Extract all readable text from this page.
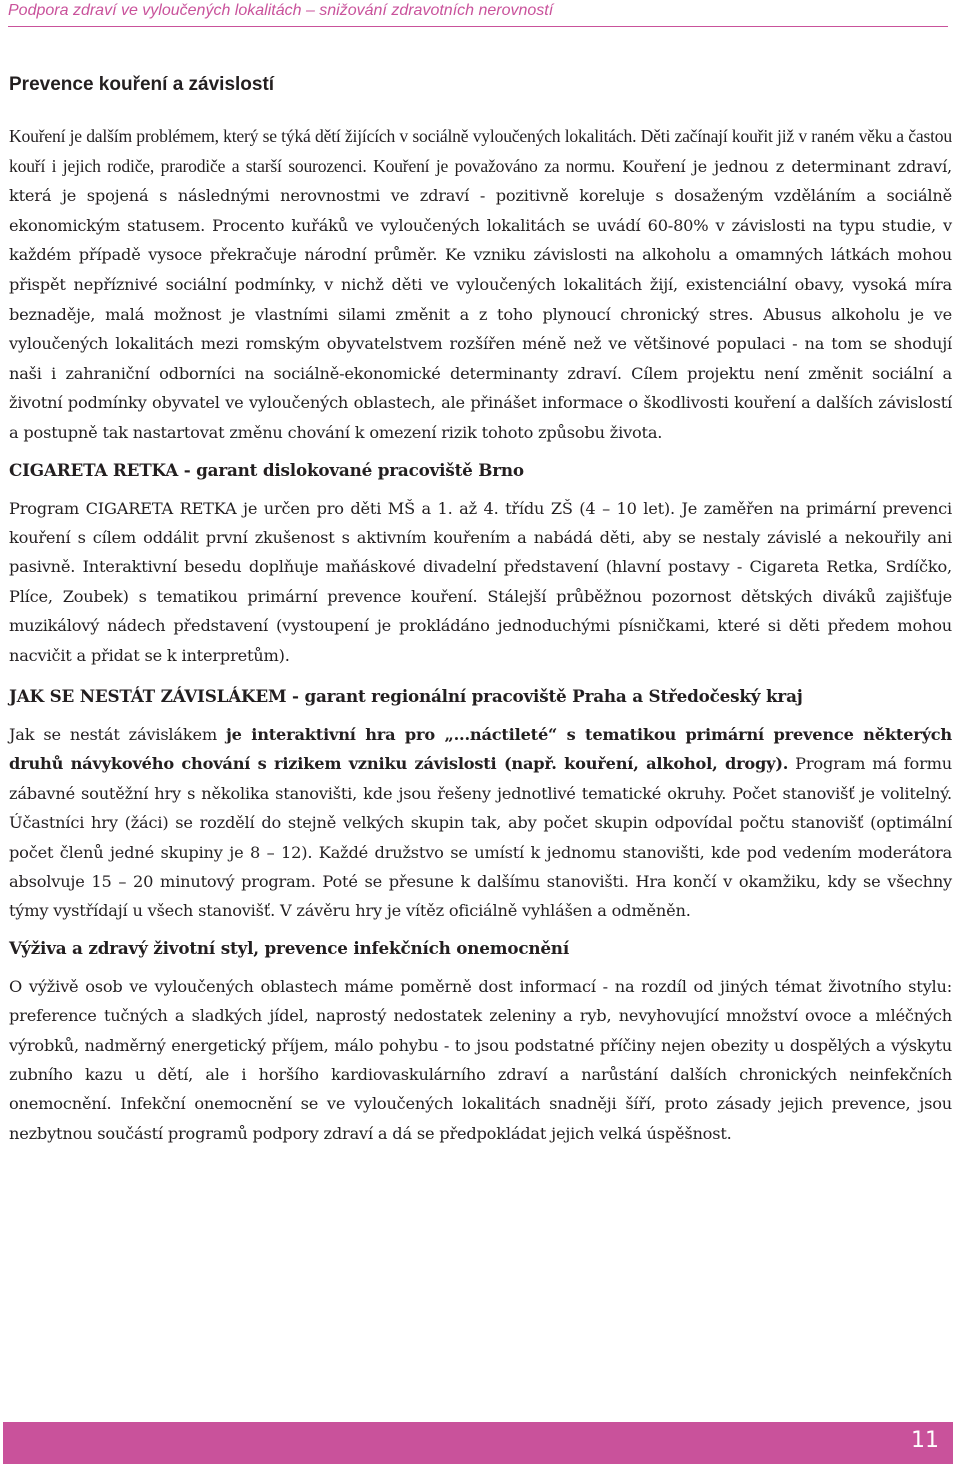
Podpora zdraví ve vyloučených lokalitách – snižování zdravotních nerovností
Prevence kouření a závislostí

Kouření je dalším problémem, který se týká dětí žijících v sociálně vyloučených lokalitách. Děti začínají kouřit již v raném věku a častou kouří i jejich rodiče, prarodiče a starší sourozenci. Kouření je považováno za normu. Kouření je jednou z determinant zdraví, která je spojená s následnými nerovnostmi ve zdraví - pozitivně koreluje s dosaženým vzděláním a sociálně ekonomickým statusem. Procento kuřáků ve vyloučených lokalitách se uvádí 60-80% v závislosti na typu studie, v každém případě vysoce překračuje národní průměr. Ke vzniku závislosti na alkoholu a omamných látkách mohou přispět nepříznivé sociální podmínky, v nichž děti ve vyloučených lokalitách žijí, existenciální obavy, vysoká míra beznaděje, malá možnost je vlastními silami změnit a z toho plynoucí chronický stres. Abusus alkoholu je ve vyloučených lokalitách mezi romským obyvatelstvem rozšířen méně než ve většinové populaci - na tom se shodují naši i zahraniční odborníci na sociálně-ekonomické determinanty zdraví. Cílem projektu není změnit sociální a životní podmínky obyvatel ve vyloučených oblastech, ale přinášet informace o škodlivosti kouření a dalších závislostí a postupně tak nastartovat změnu chování k omezení rizik tohoto způsobu života.

CIGARETA RETKA - garant dislokované pracoviště Brno

Program CIGARETA RETKA je určen pro děti MŠ a 1. až 4. třídu ZŠ (4 – 10 let). Je zaměřen na primární prevenci kouření s cílem oddálit první zkušenost s aktivním kouřením a nabádá děti, aby se nestaly závislé a nekouřily ani pasivně. Interaktivní besedu doplňuje maňáskové divadelní představení (hlavní postavy - Cigareta Retka, Srdíčko, Plíce, Zoubek) s tematikou primární prevence kouření. Stálejší průběžnou pozornost dětských diváků zajišťuje muzikálový nádech představení (vystoupení je prokládáno jednoduchými písničkami, které si děti předem mohou nacvičit a přidat se k interpretům).

JAK SE NESTÁT ZÁVISLÁKEM - garant regionální pracoviště Praha a Středočeský kraj

Jak se nestát závislákem je interaktivní hra pro „...náctileté“ s tematikou primární prevence některých druhů návykového chování s rizikem vzniku závislosti (např. kouření, alkohol, drogy). Program má formu zábavné soutěžní hry s několika stanovišti, kde jsou řešeny jednotlivé tematické okruhy. Počet stanovišť je volitelný. Účastníci hry (žáci) se rozdělí do stejně velkých skupin tak, aby počet skupin odpovídal počtu stanovišť (optimální počet členů jedné skupiny je 8 – 12). Každé družstvo se umístí k jednomu stanovišti, kde pod vedením moderátora absolvuje 15 – 20 minutový program. Poté se přesune k dalšímu stanovišti. Hra končí v okamžiku, kdy se všechny týmy vystřídají u všech stanovišť. V závěru hry je vítěz oficiálně vyhlášen a odměněn.

Výživa a zdravý životní styl, prevence infekčních onemocnění

O výživě osob ve vyloučených oblastech máme poměrně dost informací - na rozdíl od jiných témat životního stylu: preference tučných a sladkých jídel, naprostý nedostatek zeleniny a ryb, nevyhovující množství ovoce a mléčných výrobků, nadměrný energetický příjem, málo pohybu - to jsou podstatné příčiny nejen obezity u dospělých a výskytu zubního kazu u dětí, ale i horšího kardiovaskulárního zdraví a narůstání dalších chronických neinfekčních onemocnění. Infekční onemocnění se ve vyloučených lokalitách snadněji šíří, proto zásady jejich prevence, jsou nezbytnou součástí programů podpory zdraví a dá se předpokládat jejich velká úspěšnost.

11
